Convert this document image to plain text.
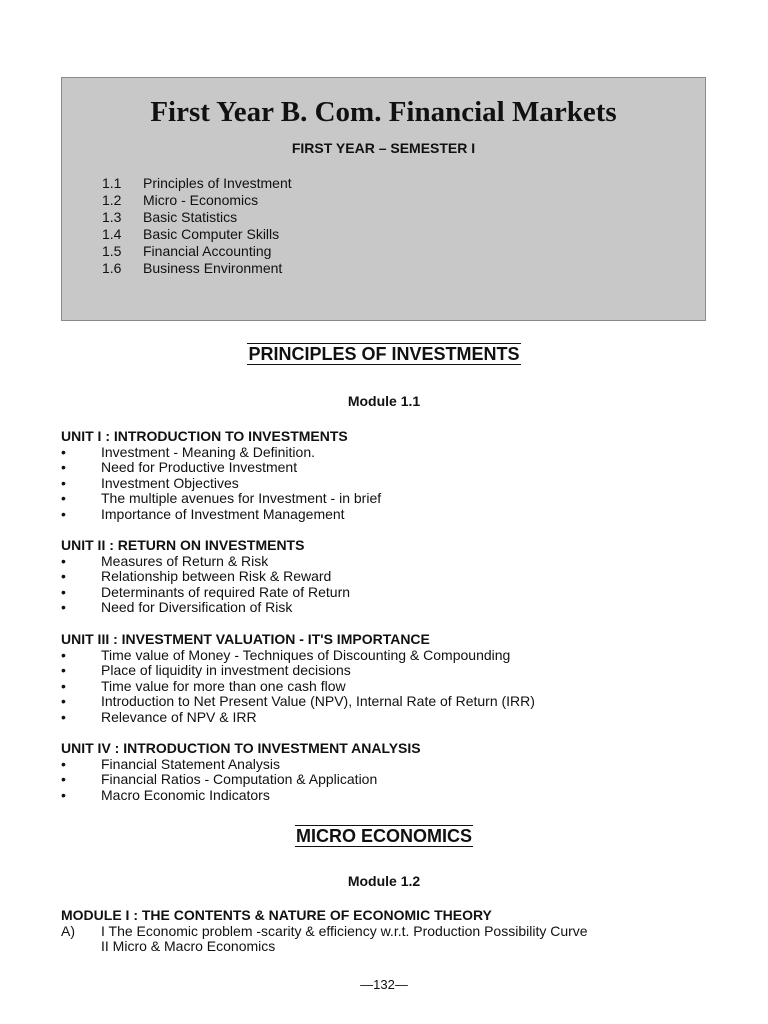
First Year B. Com. Financial Markets
FIRST YEAR – SEMESTER I
1.1	Principles of Investment
1.2	Micro - Economics
1.3	Basic Statistics
1.4	Basic Computer Skills
1.5	Financial Accounting
1.6	Business Environment
PRINCIPLES OF INVESTMENTS
Module 1.1
UNIT I : INTRODUCTION TO INVESTMENTS
•	Investment - Meaning & Definition.
•	Need for Productive Investment
•	Investment Objectives
•	The multiple avenues for Investment - in brief
•	Importance of Investment Management
UNIT II : RETURN ON INVESTMENTS
•	Measures of Return & Risk
•	Relationship between Risk & Reward
•	Determinants of required Rate of Return
•	Need for Diversification of Risk
UNIT III : INVESTMENT VALUATION - IT'S IMPORTANCE
•	Time value of Money - Techniques of Discounting & Compounding
•	Place of liquidity in investment decisions
•	Time value for more than one cash flow
•	Introduction to Net Present Value (NPV), Internal Rate of Return (IRR)
•	Relevance of NPV & IRR
UNIT IV : INTRODUCTION TO INVESTMENT ANALYSIS
•	Financial Statement Analysis
•	Financial Ratios - Computation & Application
•	Macro Economic Indicators
MICRO ECONOMICS
Module 1.2
MODULE I : THE CONTENTS & NATURE OF ECONOMIC THEORY
A)	I The Economic problem -scarity & efficiency w.r.t. Production Possibility Curve
II Micro & Macro Economics
—132—
